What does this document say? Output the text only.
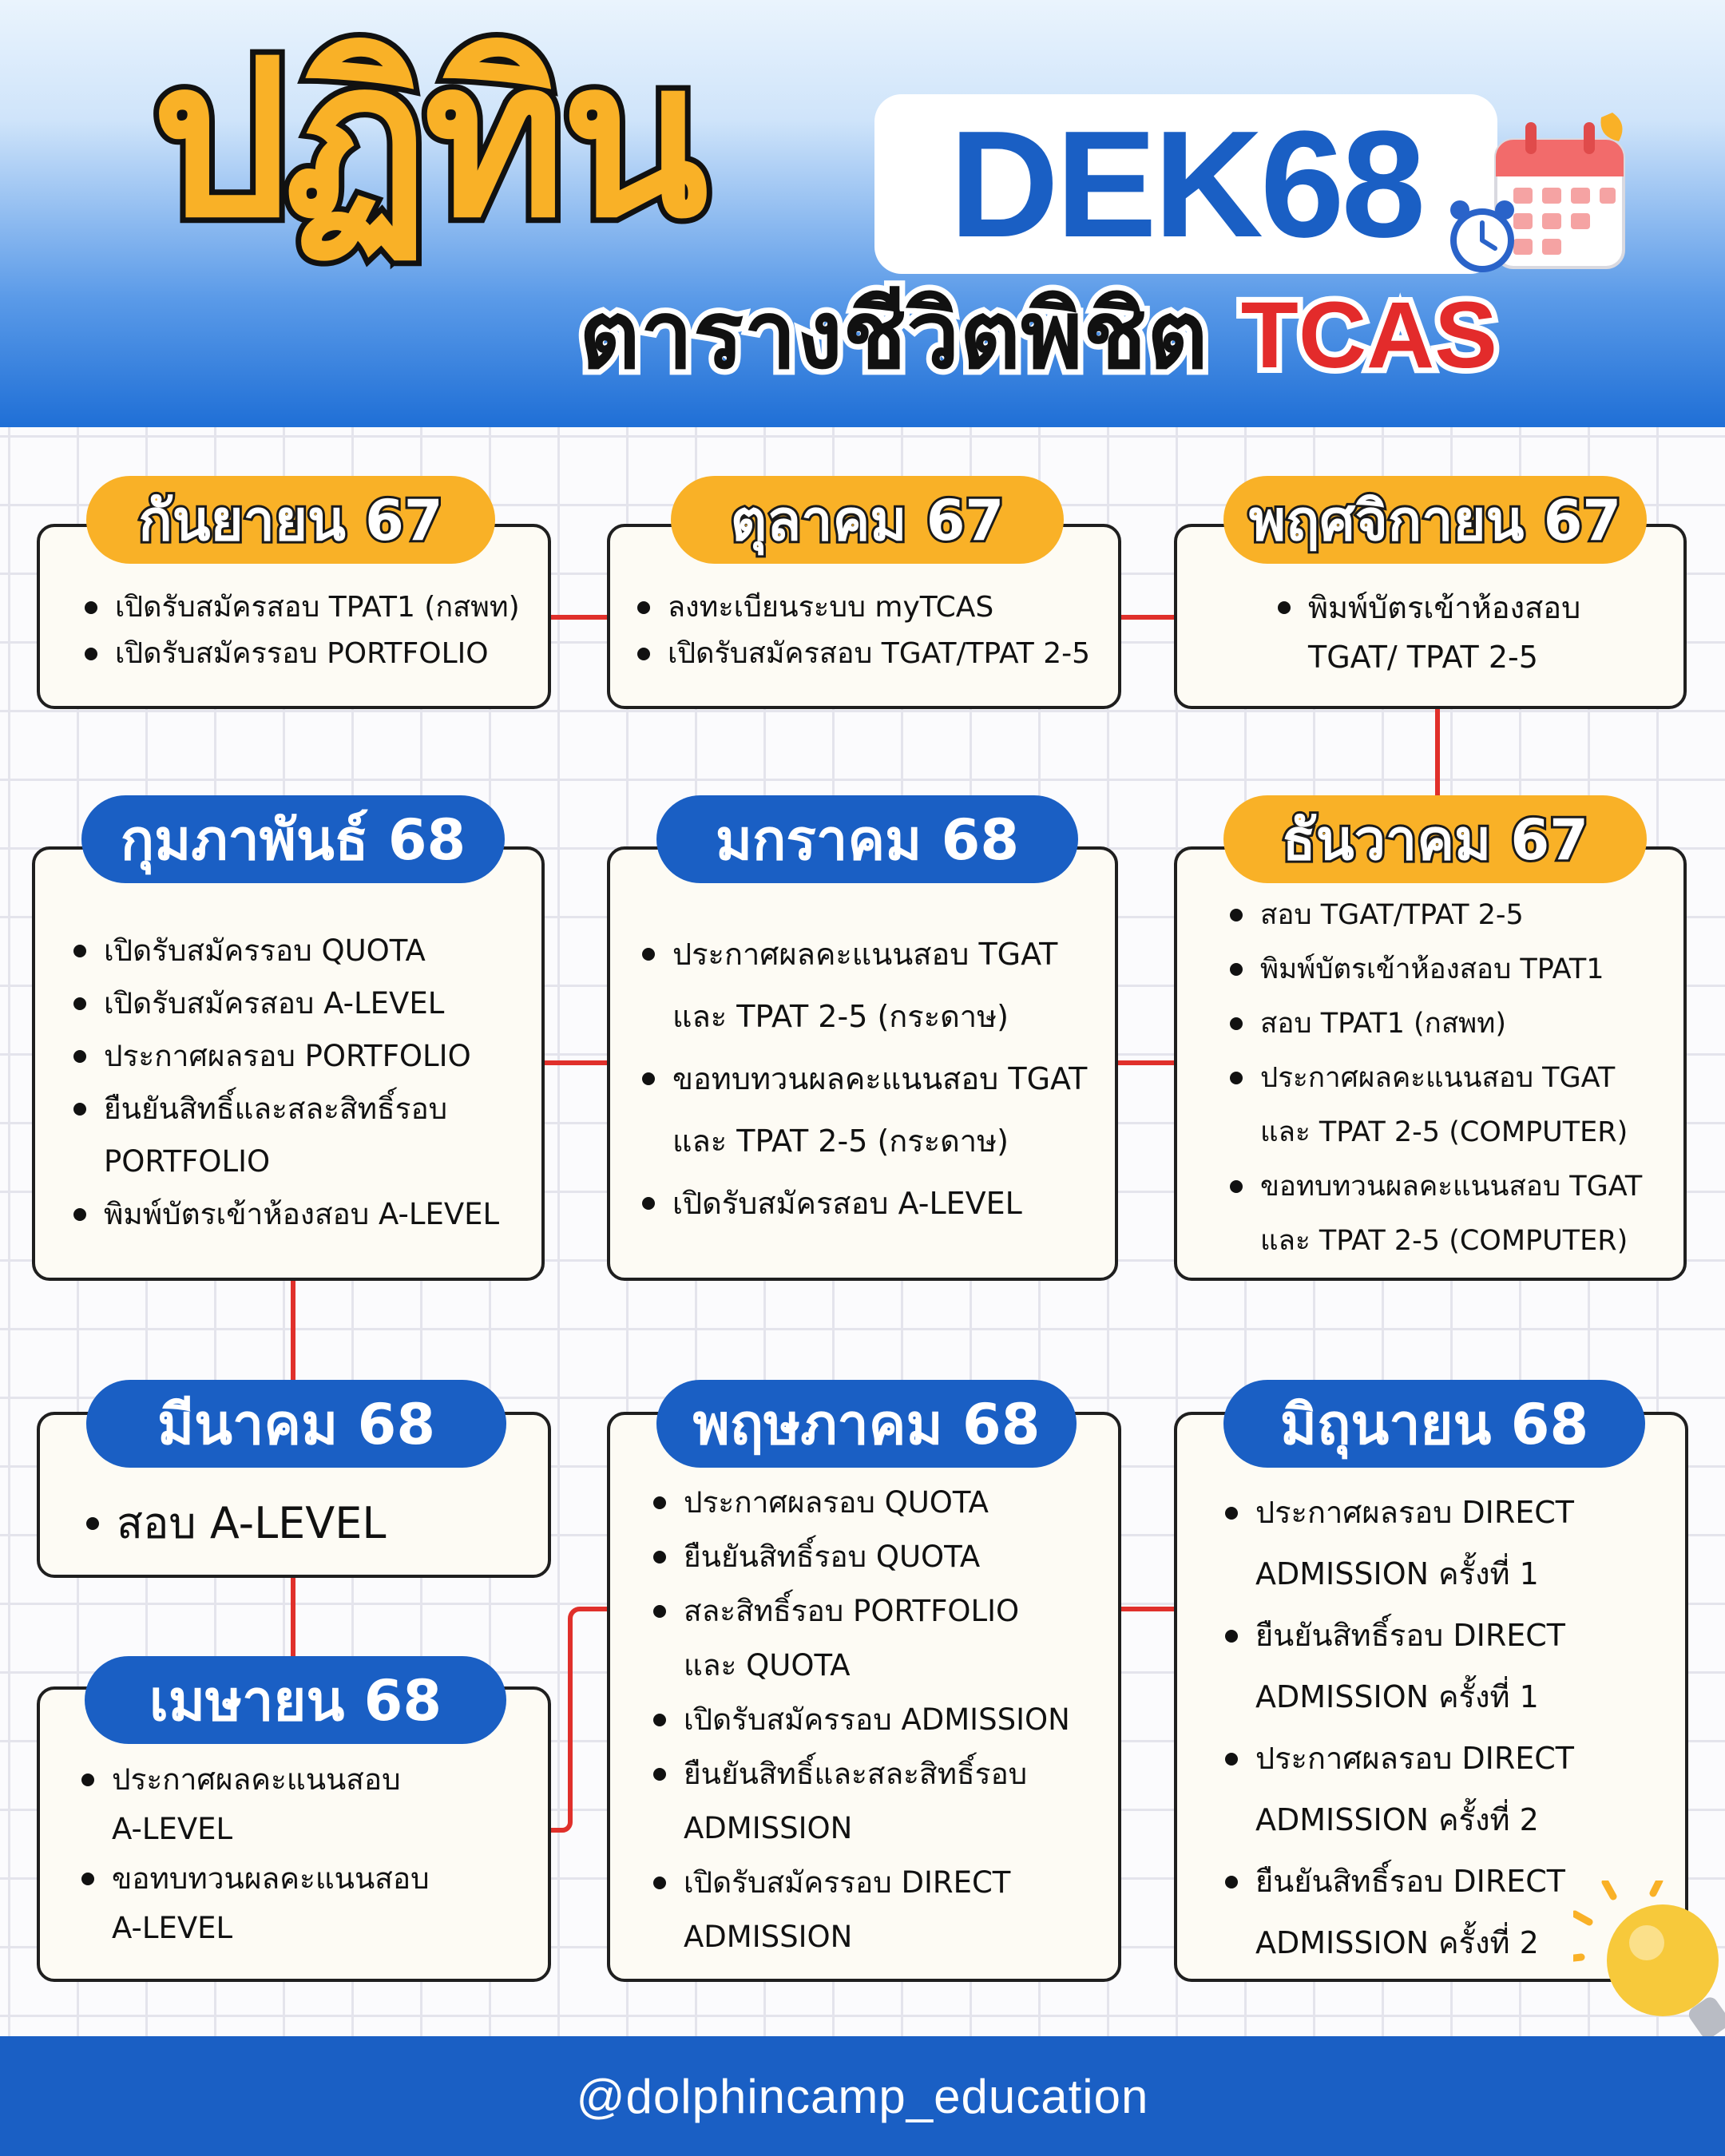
ปฏิทิน DEK68
ตารางชีวิตพิชิต TCAS
กันยายน 67
เปิดรับสมัครสอบ TPAT1 (กสพท)
เปิดรับสมัครรอบ PORTFOLIO
ตุลาคม 67
ลงทะเบียนระบบ myTCAS
เปิดรับสมัครสอบ TGAT/TPAT 2-5
พฤศจิกายน 67
พิมพ์บัตรเข้าห้องสอบ
TGAT/ TPAT 2-5
กุมภาพันธ์ 68
เปิดรับสมัครรอบ QUOTA
เปิดรับสมัครสอบ A-LEVEL
ประกาศผลรอบ PORTFOLIO
ยืนยันสิทธิ์และสละสิทธิ์รอบ
PORTFOLIO
พิมพ์บัตรเข้าห้องสอบ A-LEVEL
มกราคม 68
ประกาศผลคะแนนสอบ TGAT
และ TPAT 2-5 (กระดาษ)
ขอทบทวนผลคะแนนสอบ TGAT
และ TPAT 2-5 (กระดาษ)
เปิดรับสมัครสอบ A-LEVEL
ธันวาคม 67
สอบ TGAT/TPAT 2-5
พิมพ์บัตรเข้าห้องสอบ TPAT1
สอบ TPAT1 (กสพท)
ประกาศผลคะแนนสอบ TGAT
และ TPAT 2-5 (COMPUTER)
ขอทบทวนผลคะแนนสอบ TGAT
และ TPAT 2-5 (COMPUTER)
มีนาคม 68
สอบ A-LEVEL
เมษายน 68
ประกาศผลคะแนนสอบ
A-LEVEL
ขอทบทวนผลคะแนนสอบ
A-LEVEL
พฤษภาคม 68
ประกาศผลรอบ QUOTA
ยืนยันสิทธิ์รอบ QUOTA
สละสิทธิ์รอบ PORTFOLIO
และ QUOTA
เปิดรับสมัครรอบ ADMISSION
ยืนยันสิทธิ์และสละสิทธิ์รอบ
ADMISSION
เปิดรับสมัครรอบ DIRECT
ADMISSION
มิถุนายน 68
ประกาศผลรอบ DIRECT
ADMISSION ครั้งที่ 1
ยืนยันสิทธิ์รอบ DIRECT
ADMISSION ครั้งที่ 1
ประกาศผลรอบ DIRECT
ADMISSION ครั้งที่ 2
ยืนยันสิทธิ์รอบ DIRECT
ADMISSION ครั้งที่ 2
@dolphincamp_education
